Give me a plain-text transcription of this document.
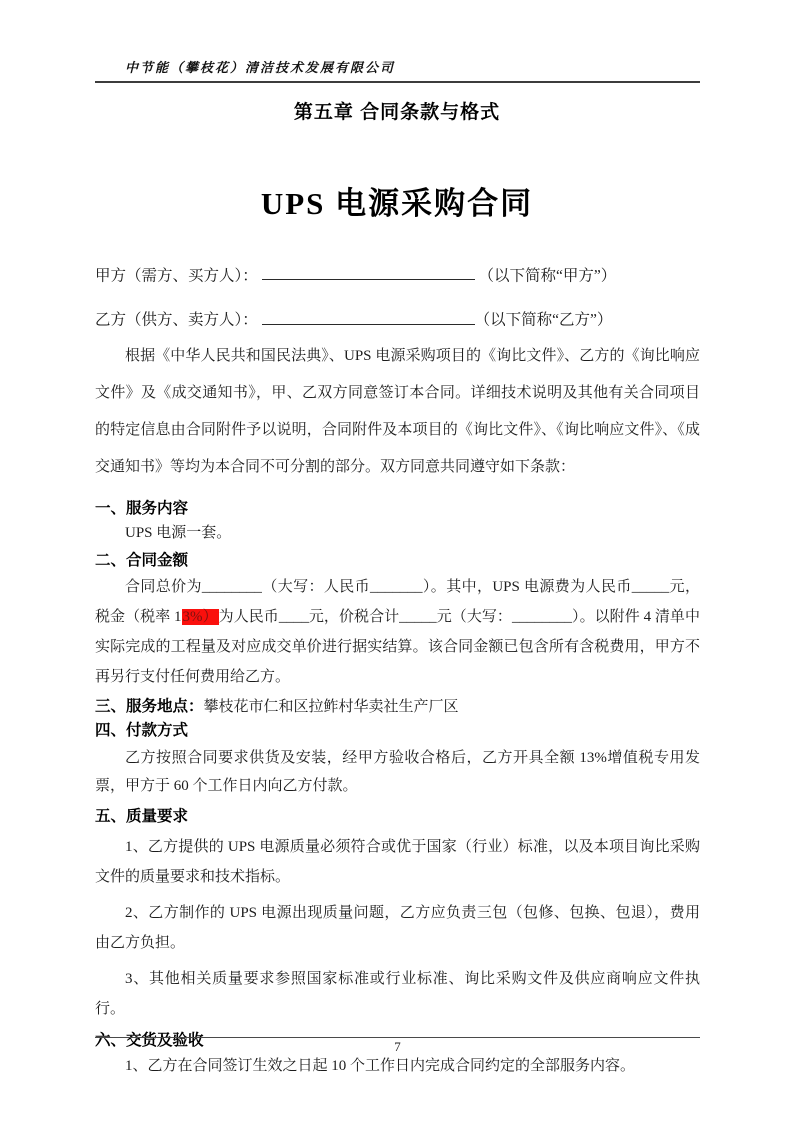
中节能（攀枝花）清洁技术发展有限公司
第五章 合同条款与格式
UPS 电源采购合同
甲方（需方、买方人）：	（以下简称“甲方”）
乙方（供方、卖方人）：	（以下简称“乙方”）

根据《中华人民共和国民法典》、UPS 电源采购项目的《询比文件》、乙方的《询比响应文件》及《成交通知书》，甲、乙双方同意签订本合同。详细技术说明及其他有关合同项目的特定信息由合同附件予以说明，合同附件及本项目的《询比文件》、《询比响应文件》、《成交通知书》等均为本合同不可分割的部分。双方同意共同遵守如下条款：

一、服务内容

UPS 电源一套。

二、合同金额

合同总价为________（大写：人民币_______）。其中，UPS 电源费为人民币_____元，税金（税率 13%）为人民币____元，价税合计_____元（大写：________）。以附件 4 清单中实际完成的工程量及对应成交单价进行据实结算。该合同金额已包含所有含税费用，甲方不再另行支付任何费用给乙方。

三、服务地点：攀枝花市仁和区拉鲊村华卖社生产厂区

四、付款方式

乙方按照合同要求供货及安装，经甲方验收合格后，乙方开具全额 13%增值税专用发票，甲方于 60 个工作日内向乙方付款。

五、质量要求

1、乙方提供的 UPS 电源质量必须符合或优于国家（行业）标准，以及本项目询比采购文件的质量要求和技术指标。

2、乙方制作的 UPS 电源出现质量问题，乙方应负责三包（包修、包换、包退），费用由乙方负担。

3、其他相关质量要求参照国家标准或行业标准、询比采购文件及供应商响应文件执行。

六、交货及验收

1、乙方在合同签订生效之日起 10 个工作日内完成合同约定的全部服务内容。

7
